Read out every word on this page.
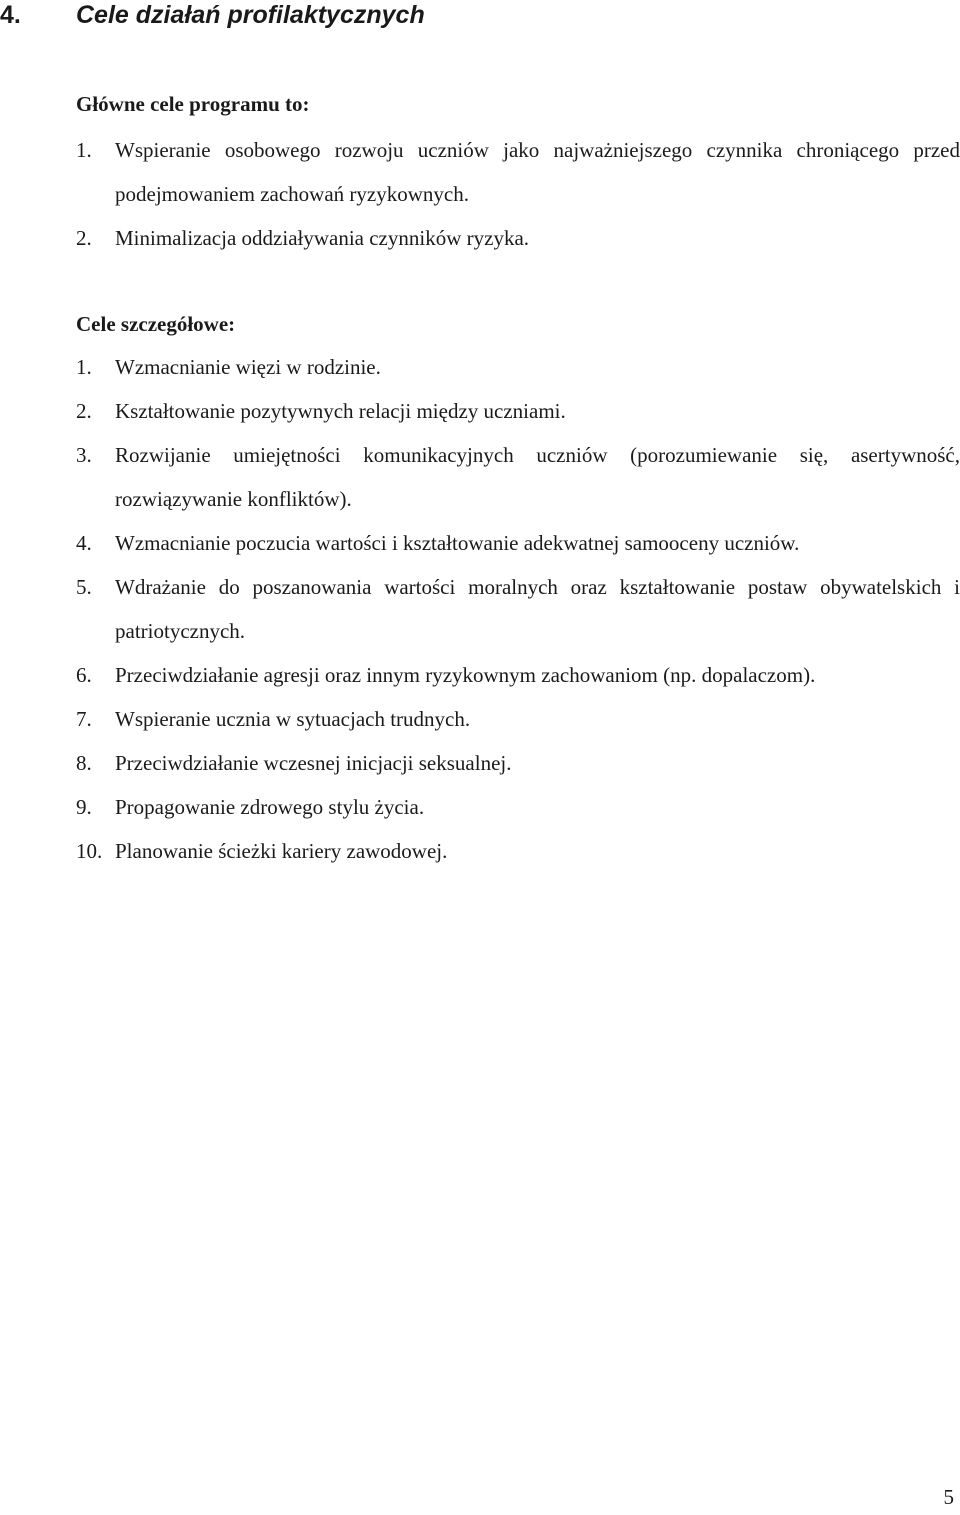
4. Cele działań profilaktycznych
Główne cele programu to:
1. Wspieranie osobowego rozwoju uczniów jako najważniejszego czynnika chroniącego przed podejmowaniem zachowań ryzykownych.
2. Minimalizacja oddziaływania czynników ryzyka.
Cele szczegółowe:
1. Wzmacnianie więzi w rodzinie.
2. Kształtowanie pozytywnych relacji między uczniami.
3. Rozwijanie umiejętności komunikacyjnych uczniów (porozumiewanie się, asertywność, rozwiązywanie konfliktów).
4. Wzmacnianie poczucia wartości i kształtowanie adekwatnej samooceny uczniów.
5. Wdrażanie do poszanowania wartości moralnych oraz kształtowanie postaw obywatelskich i patriotycznych.
6. Przeciwdziałanie agresji oraz innym ryzykownym zachowaniom (np. dopalaczom).
7. Wspieranie ucznia w sytuacjach trudnych.
8. Przeciwdziałanie wczesnej inicjacji seksualnej.
9. Propagowanie zdrowego stylu życia.
10. Planowanie ścieżki kariery zawodowej.
5
